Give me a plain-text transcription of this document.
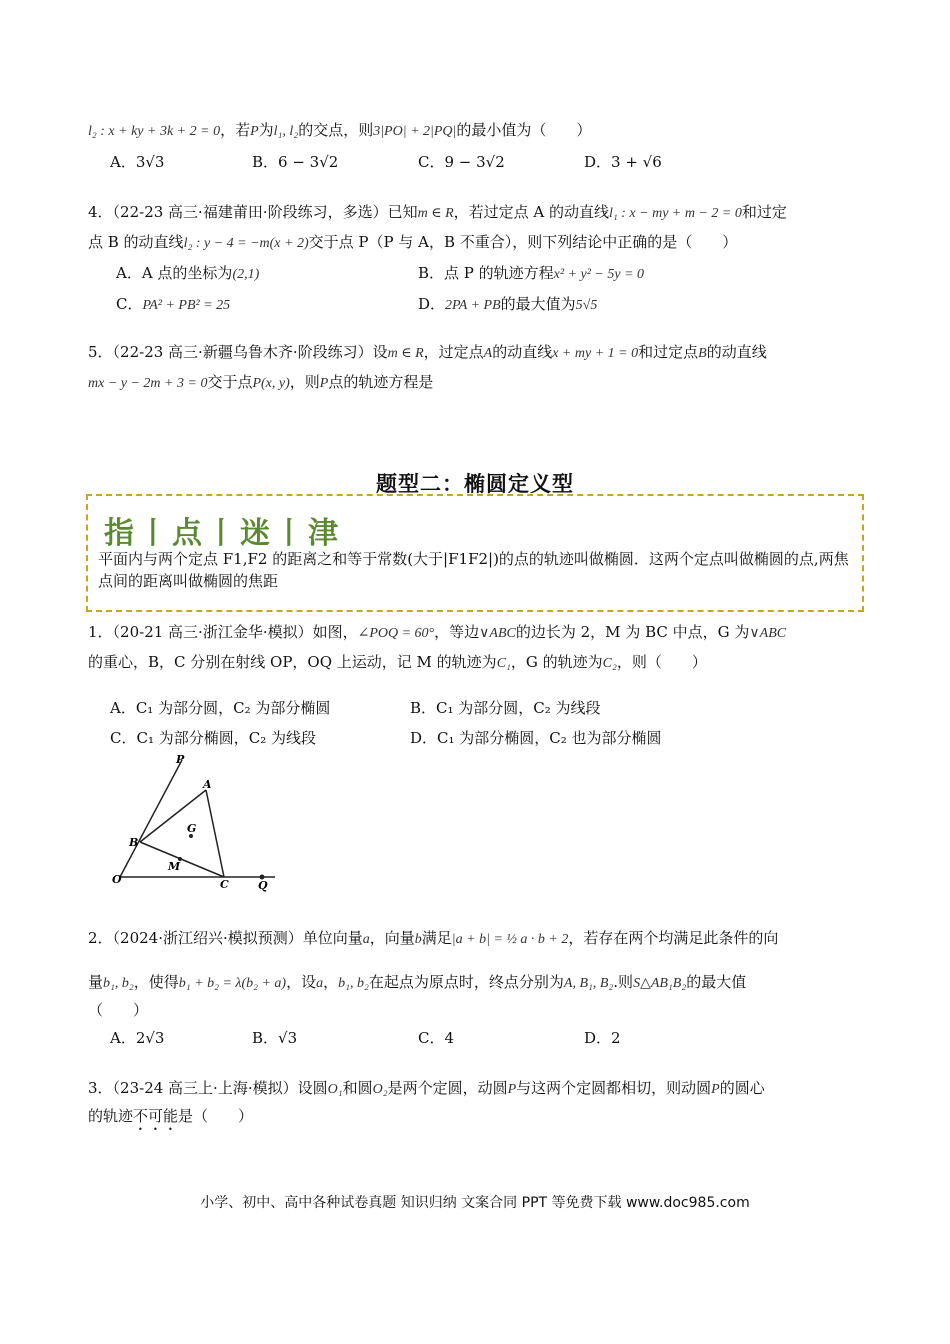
l₂ : x + ky + 3k + 2 = 0，若P为l₁, l₂的交点，则3|PO| + 2|PQ|的最小值为（　　）
A．3√3	B．6 − 3√2	C．9 − 3√2	D．3 + √6
4．（22-23 高三·福建莆田·阶段练习，多选）已知m ∈ R，若过定点 A 的动直线l₁ : x − my + m − 2 = 0和过定
点 B 的动直线l₂ : y − 4 = −m(x + 2)交于点 P（P 与 A，B 不重合），则下列结论中正确的是（　　）
A．A 点的坐标为(2,1)	B．点 P 的轨迹方程x² + y² − 5y = 0
C．PA² + PB² = 25	D．2PA + PB的最大值为5√5
5．（22-23 高三·新疆乌鲁木齐·阶段练习）设m ∈ R，过定点A的动直线x + my + 1 = 0和过定点B的动直线
mx − y − 2m + 3 = 0交于点P(x, y)，则P点的轨迹方程是
题型二：椭圆定义型
指丨点丨迷丨津
平面内与两个定点 F1,F2 的距离之和等于常数(大于|F1F2|)的点的轨迹叫做椭圆．这两个定点叫做椭圆的点,两焦点间的距离叫做椭圆的焦距
1．（20-21 高三·浙江金华·模拟）如图，∠POQ = 60°，等边∨ABC的边长为 2，M 为 BC 中点，G 为∨ABC
的重心，B，C 分别在射线 OP，OQ 上运动，记 M 的轨迹为C₁，G 的轨迹为C₂，则（　　）
A．C₁ 为部分圆，C₂ 为部分椭圆	B．C₁ 为部分圆，C₂ 为线段
C．C₁ 为部分椭圆，C₂ 为线段	D．C₁ 为部分椭圆，C₂ 也为部分椭圆
P
A
G
B
M
O	C	Q
2．（2024·浙江绍兴·模拟预测）单位向量a，向量b满足|a + b| = ½ a · b + 2，若存在两个均满足此条件的向
量b₁, b₂，使得b₁ + b₂ = λ(b₂ + a)，设a，b₁, b₂在起点为原点时，终点分别为A, B₁, B₂.则S△AB₁B₂的最大值
（　　）
A．2√3	B．√3	C．4	D．2
3．（23-24 高三上·上海·模拟）设圆O₁和圆O₂是两个定圆，动圆P与这两个定圆都相切，则动圆P的圆心
的轨迹不可能是（　　）
小学、初中、高中各种试卷真题 知识归纳 文案合同 PPT 等免费下载 www.doc985.com
